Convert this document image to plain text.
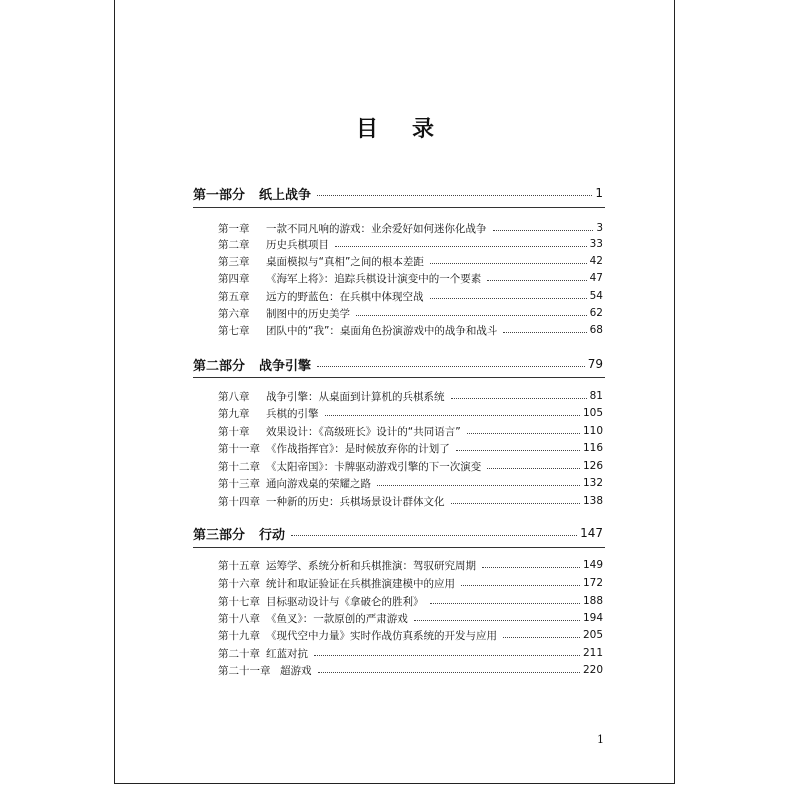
目 录
第一部分 纸上战争	1
第一章	一款不同凡响的游戏：业余爱好如何迷你化战争	3
第二章	历史兵棋项目	33
第三章	桌面模拟与“真相”之间的根本差距	42
第四章	《海军上将》：追踪兵棋设计演变中的一个要素	47
第五章	远方的野蓝色：在兵棋中体现空战	54
第六章	制图中的历史美学	62
第七章	团队中的“我”：桌面角色扮演游戏中的战争和战斗	68
第二部分 战争引擎	79
第八章	战争引擎：从桌面到计算机的兵棋系统	81
第九章	兵棋的引擎	105
第十章	效果设计：《高级班长》设计的“共同语言”	110
第十一章 《作战指挥官》：是时候放弃你的计划了	116
第十二章 《太阳帝国》：卡牌驱动游戏引擎的下一次演变	126
第十三章 通向游戏桌的荣耀之路	132
第十四章 一种新的历史：兵棋场景设计群体文化	138
第三部分 行动	147
第十五章 运筹学、系统分析和兵棋推演：驾驭研究周期	149
第十六章 统计和取证验证在兵棋推演建模中的应用	172
第十七章 目标驱动设计与《拿破仑的胜利》	188
第十八章 《鱼叉》：一款原创的严肃游戏	194
第十九章 《现代空中力量》实时作战仿真系统的开发与应用	205
第二十章 红蓝对抗	211
第二十一章 超游戏	220
1
